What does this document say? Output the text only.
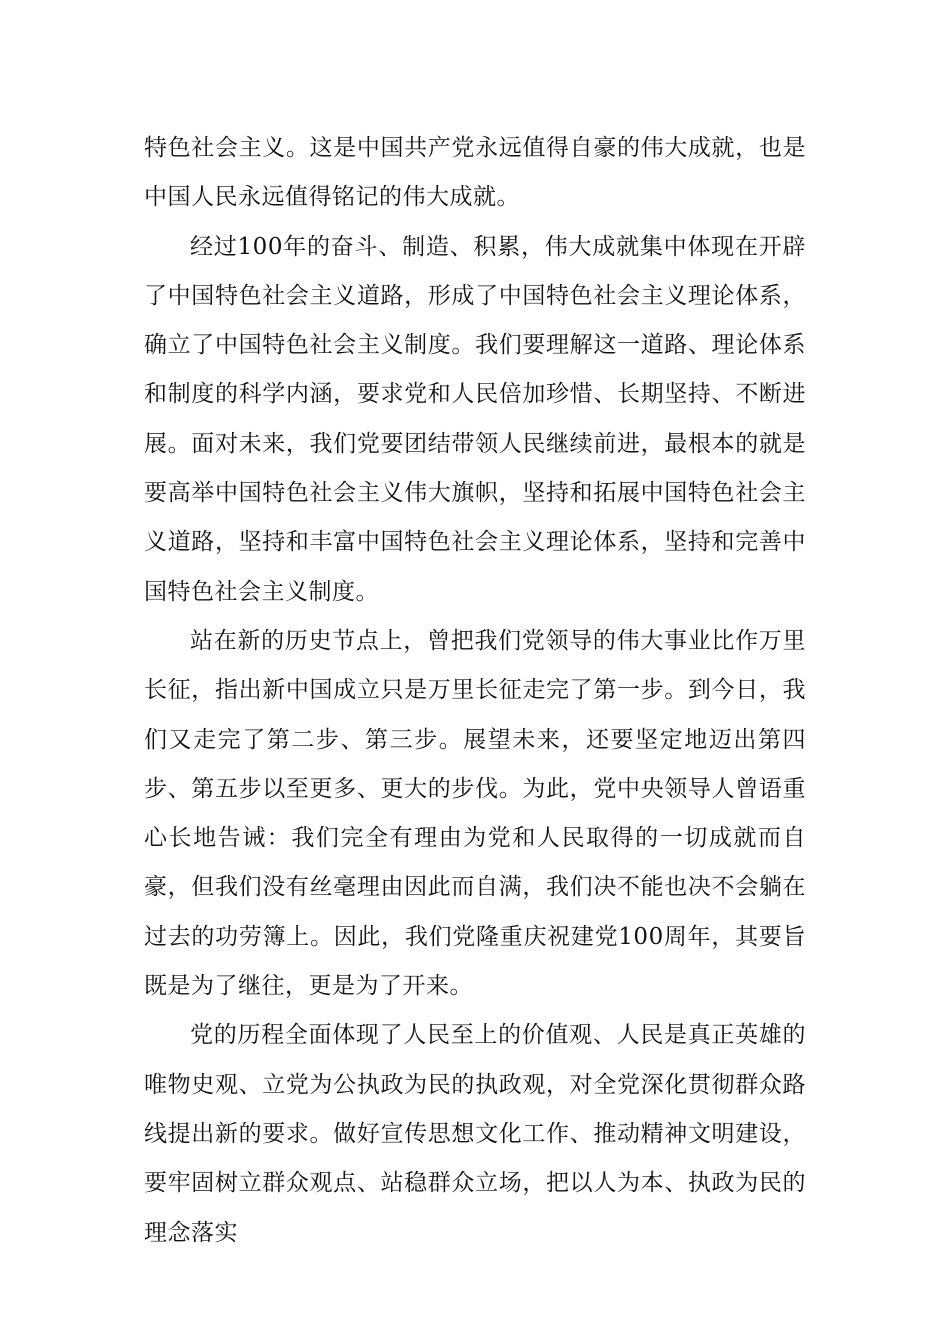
特色社会主义。这是中国共产党永远值得自豪的伟大成就，也是中国人民永远值得铭记的伟大成就。

经过100年的奋斗、制造、积累，伟大成就集中体现在开辟了中国特色社会主义道路，形成了中国特色社会主义理论体系，确立了中国特色社会主义制度。我们要理解这一道路、理论体系和制度的科学内涵，要求党和人民倍加珍惜、长期坚持、不断进展。面对未来，我们党要团结带领人民继续前进，最根本的就是要高举中国特色社会主义伟大旗帜，坚持和拓展中国特色社会主义道路，坚持和丰富中国特色社会主义理论体系，坚持和完善中国特色社会主义制度。

站在新的历史节点上，曾把我们党领导的伟大事业比作万里长征，指出新中国成立只是万里长征走完了第一步。到今日，我们又走完了第二步、第三步。展望未来，还要坚定地迈出第四步、第五步以至更多、更大的步伐。为此，党中央领导人曾语重心长地告诫：我们完全有理由为党和人民取得的一切成就而自豪，但我们没有丝毫理由因此而自满，我们决不能也决不会躺在过去的功劳簿上。因此，我们党隆重庆祝建党100周年，其要旨既是为了继往，更是为了开来。

党的历程全面体现了人民至上的价值观、人民是真正英雄的唯物史观、立党为公执政为民的执政观，对全党深化贯彻群众路线提出新的要求。做好宣传思想文化工作、推动精神文明建设，要牢固树立群众观点、站稳群众立场，把以人为本、执政为民的理念落实
